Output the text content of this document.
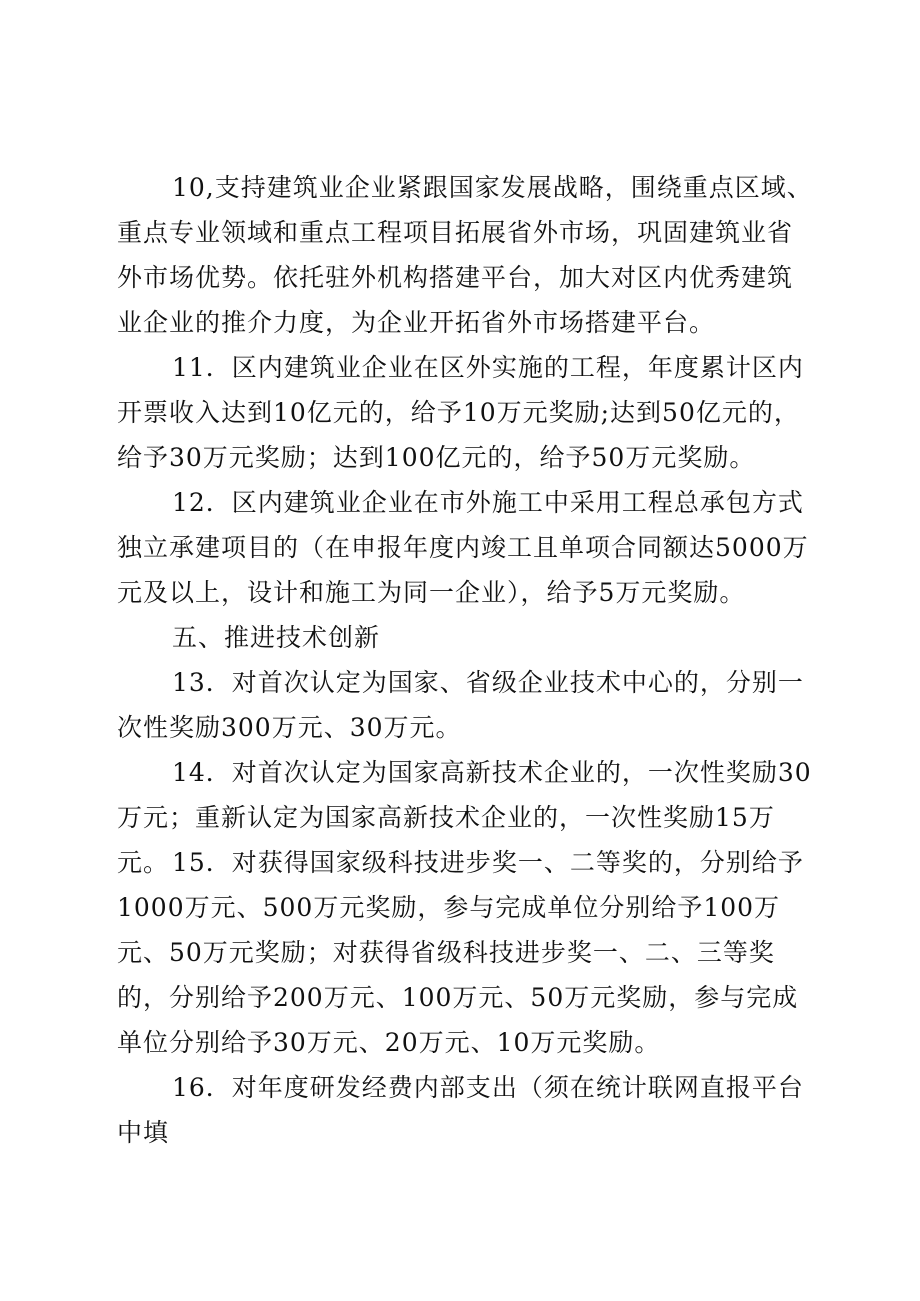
10,支持建筑业企业紧跟国家发展战略，围绕重点区域、重点专业领域和重点工程项目拓展省外市场，巩固建筑业省外市场优势。依托驻外机构搭建平台，加大对区内优秀建筑业企业的推介力度，为企业开拓省外市场搭建平台。

11．区内建筑业企业在区外实施的工程，年度累计区内开票收入达到10亿元的，给予10万元奖励;达到50亿元的，给予30万元奖励；达到100亿元的，给予50万元奖励。

12．区内建筑业企业在市外施工中采用工程总承包方式独立承建项目的（在申报年度内竣工且单项合同额达5000万元及以上，设计和施工为同一企业），给予5万元奖励。

五、推进技术创新

13．对首次认定为国家、省级企业技术中心的，分别一次性奖励300万元、30万元。

14．对首次认定为国家高新技术企业的，一次性奖励30万元；重新认定为国家高新技术企业的，一次性奖励15万元。 15．对获得国家级科技进步奖一、二等奖的，分别给予1000万元、500万元奖励，参与完成单位分别给予100万元、50万元奖励；对获得省级科技进步奖一、二、三等奖的，分别给予200万元、100万元、50万元奖励，参与完成单位分别给予30万元、20万元、10万元奖励。

16．对年度研发经费内部支出（须在统计联网直报平台中填
